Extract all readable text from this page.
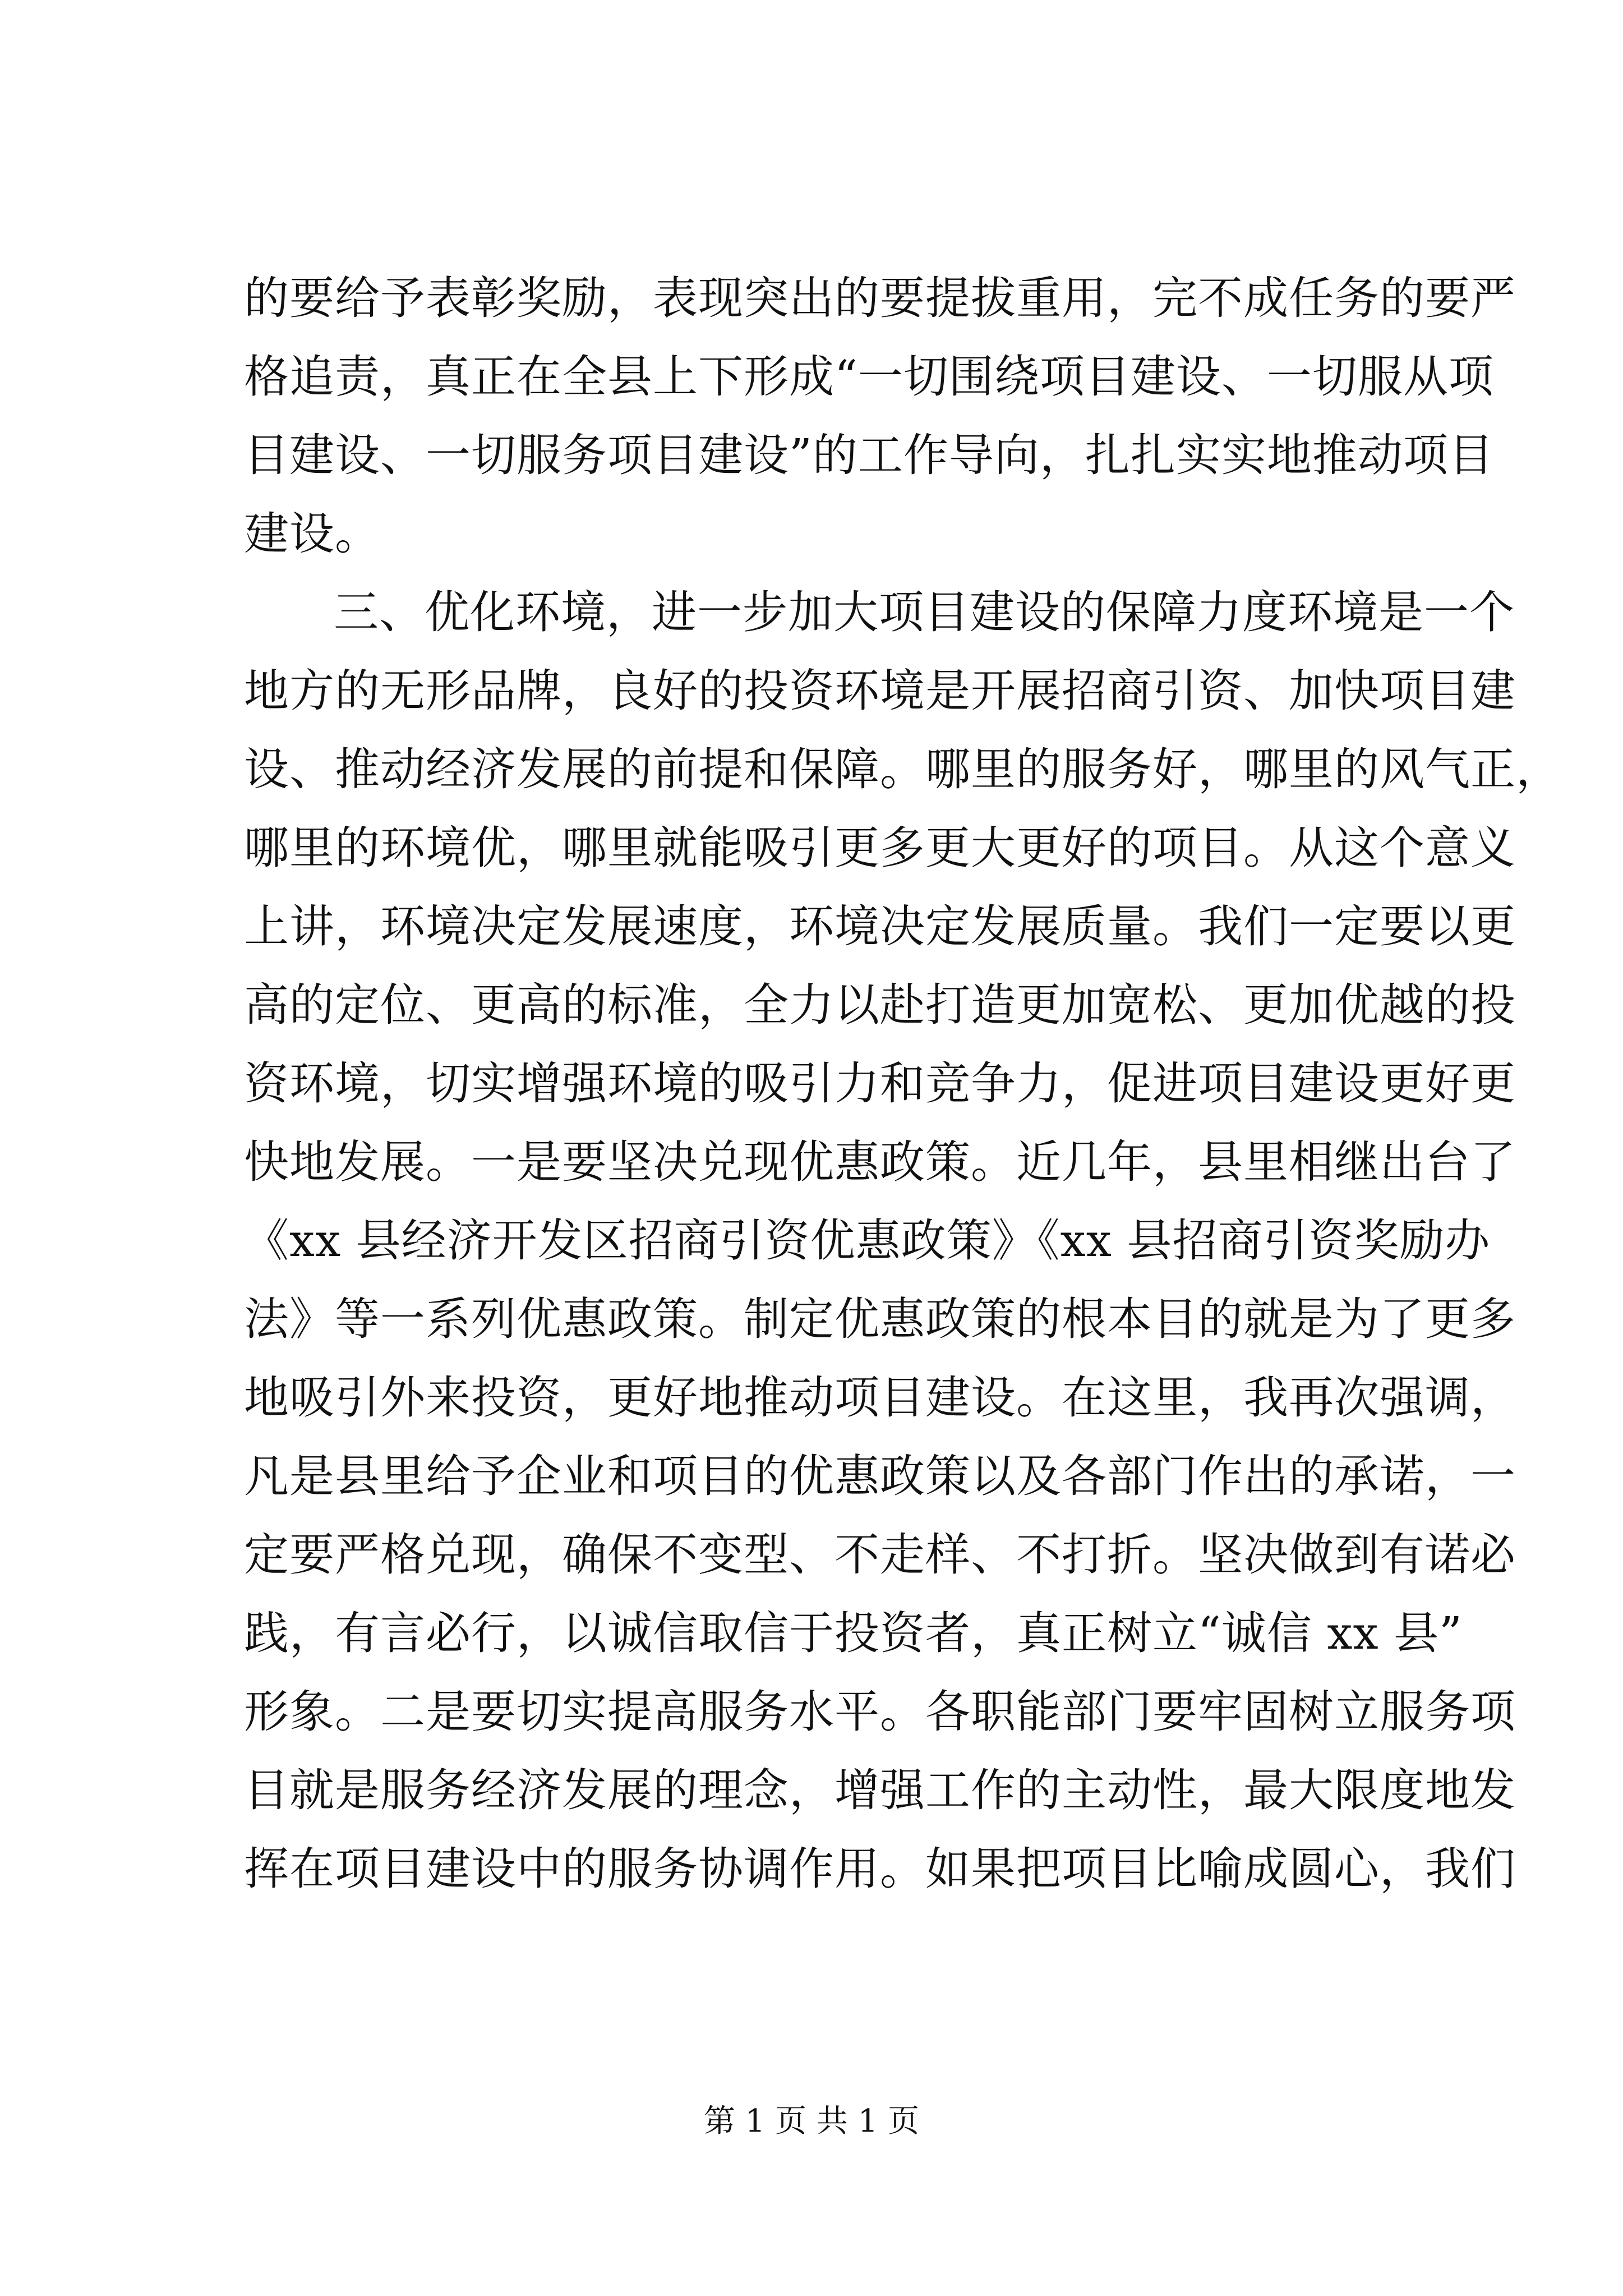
的要给予表彰奖励，表现突出的要提拔重用，完不成任务的要严
格追责，真正在全县上下形成“一切围绕项目建设、一切服从项
目建设、一切服务项目建设”的工作导向，扎扎实实地推动项目
建设。
三、优化环境，进一步加大项目建设的保障力度环境是一个
地方的无形品牌，良好的投资环境是开展招商引资、加快项目建
设、推动经济发展的前提和保障。哪里的服务好，哪里的风气正，
哪里的环境优，哪里就能吸引更多更大更好的项目。从这个意义
上讲，环境决定发展速度，环境决定发展质量。我们一定要以更
高的定位、更高的标准，全力以赴打造更加宽松、更加优越的投
资环境，切实增强环境的吸引力和竞争力，促进项目建设更好更
快地发展。一是要坚决兑现优惠政策。近几年，县里相继出台了
《xx 县经济开发区招商引资优惠政策》《xx 县招商引资奖励办
法》等一系列优惠政策。制定优惠政策的根本目的就是为了更多
地吸引外来投资，更好地推动项目建设。在这里，我再次强调，
凡是县里给予企业和项目的优惠政策以及各部门作出的承诺，一
定要严格兑现，确保不变型、不走样、不打折。坚决做到有诺必
践，有言必行，以诚信取信于投资者，真正树立“诚信 xx 县”
形象。二是要切实提高服务水平。各职能部门要牢固树立服务项
目就是服务经济发展的理念，增强工作的主动性，最大限度地发
挥在项目建设中的服务协调作用。如果把项目比喻成圆心，我们
第 1 页 共 1 页
